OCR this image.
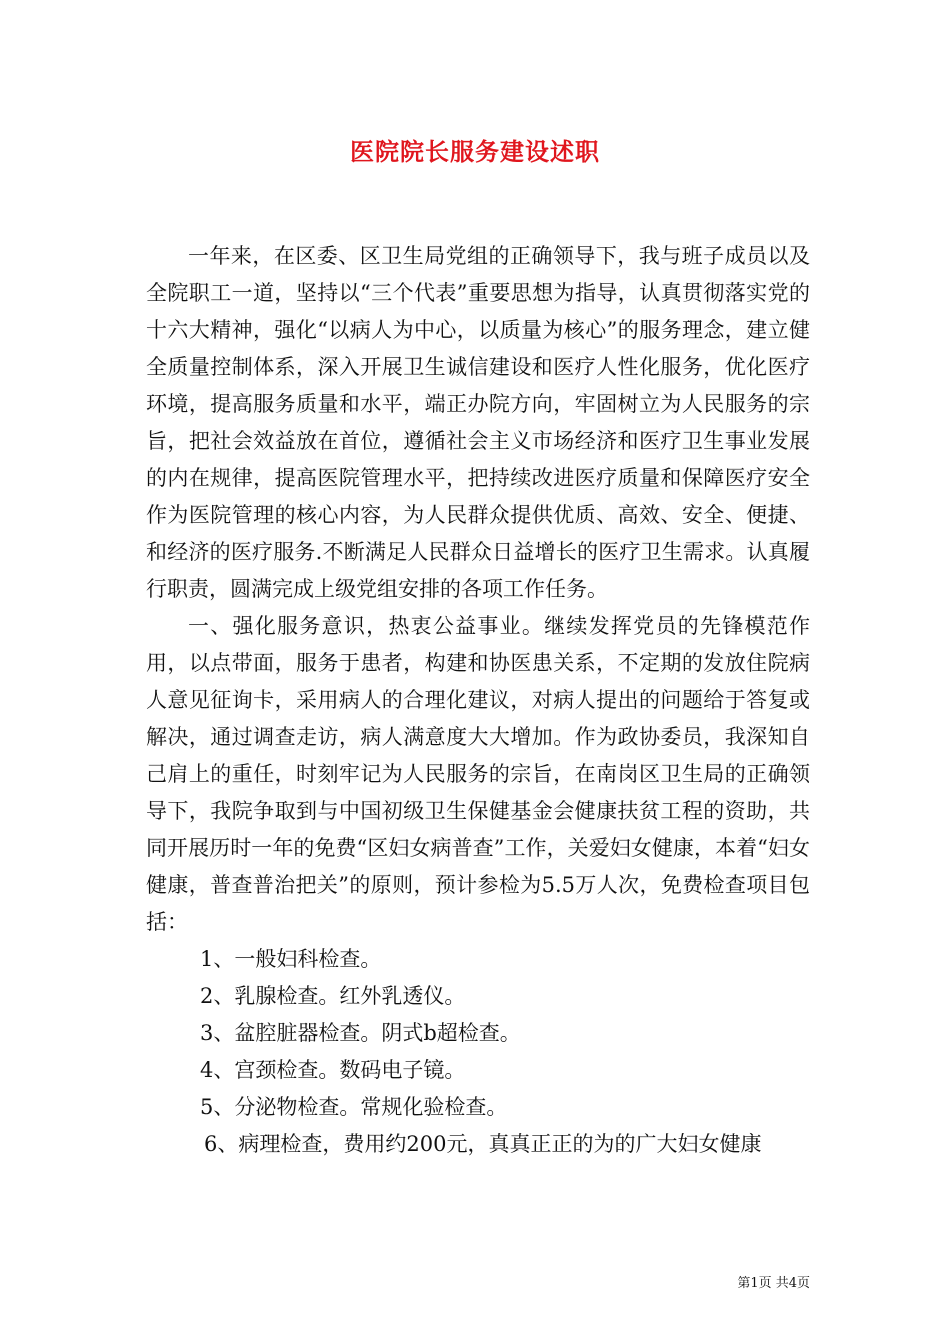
医院院长服务建设述职

一年来，在区委、区卫生局党组的正确领导下，我与班子成员以及全院职工一道，坚持以“三个代表”重要思想为指导，认真贯彻落实党的十六大精神，强化“以病人为中心，以质量为核心”的服务理念，建立健全质量控制体系，深入开展卫生诚信建设和医疗人性化服务，优化医疗环境，提高服务质量和水平，端正办院方向，牢固树立为人民服务的宗旨，把社会效益放在首位，遵循社会主义市场经济和医疗卫生事业发展的内在规律，提高医院管理水平，把持续改进医疗质量和保障医疗安全作为医院管理的核心内容，为人民群众提供优质、高效、安全、便捷、和经济的医疗服务.不断满足人民群众日益增长的医疗卫生需求。认真履行职责，圆满完成上级党组安排的各项工作任务。

一、强化服务意识，热衷公益事业。继续发挥党员的先锋模范作用，以点带面，服务于患者，构建和协医患关系，不定期的发放住院病人意见征询卡，采用病人的合理化建议，对病人提出的问题给于答复或解决，通过调查走访，病人满意度大大增加。作为政协委员，我深知自己肩上的重任，时刻牢记为人民服务的宗旨，在南岗区卫生局的正确领导下，我院争取到与中国初级卫生保健基金会健康扶贫工程的资助，共同开展历时一年的免费“区妇女病普查”工作，关爱妇女健康，本着“妇女健康，普查普治把关”的原则，预计参检为5.5万人次，免费检查项目包括：

1、一般妇科检查。

2、乳腺检查。红外乳透仪。

3、盆腔脏器检查。阴式b超检查。

4、宫颈检查。数码电子镜。

5、分泌物检查。常规化验检查。

6、病理检查，费用约200元，真真正正的为的广大妇女健康

第1页 共4页
